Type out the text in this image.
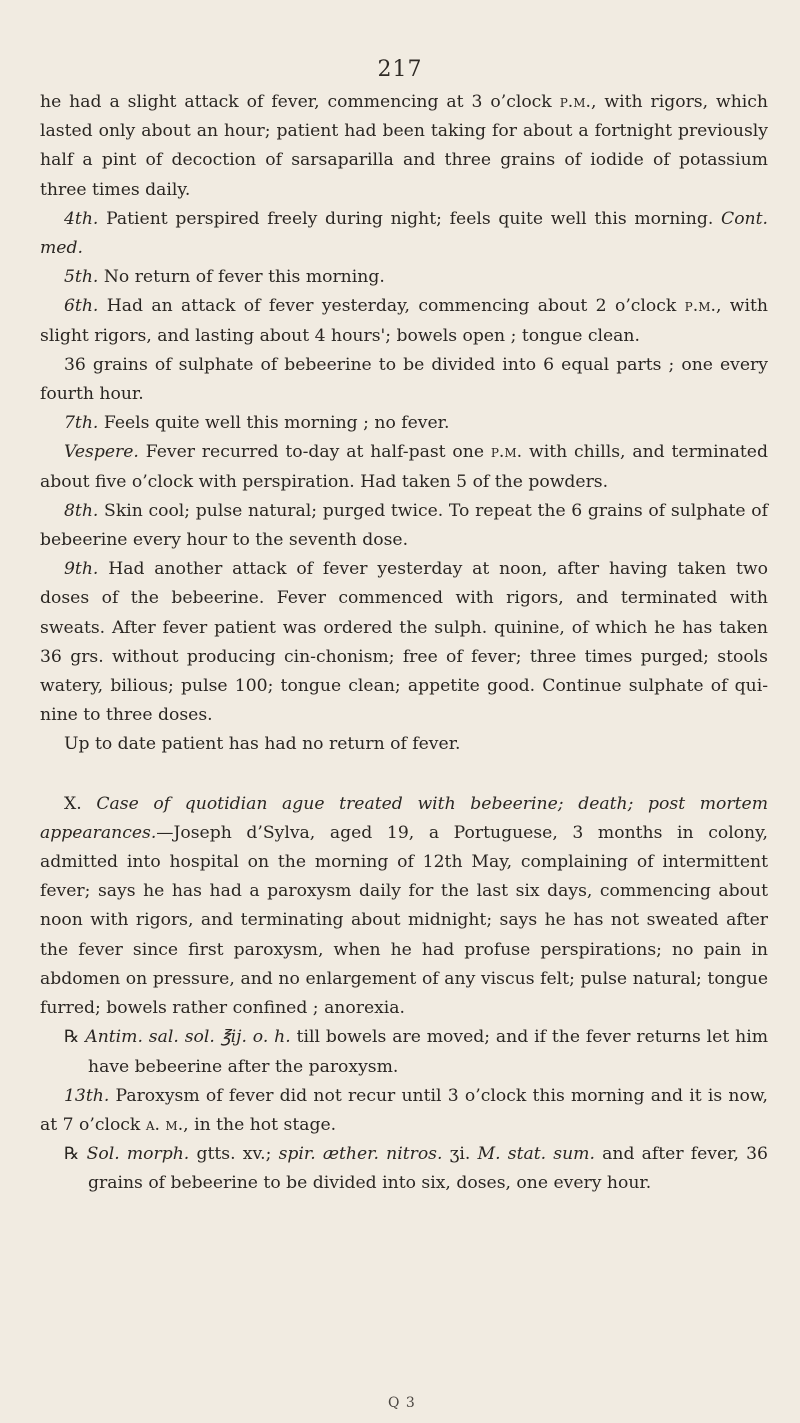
217

he had a slight attack of fever, commencing at 3 o’clock p.m., with rigors, which lasted only about an hour; patient had been taking for about a fortnight previously half a pint of decoction of sarsaparilla and three grains of iodide of potassium three times daily.

4th. Patient perspired freely during night; feels quite well this morning. Cont. med.

5th. No return of fever this morning.

6th. Had an attack of fever yesterday, commencing about 2 o’clock p.m., with slight rigors, and lasting about 4 hours'; bowels open ; tongue clean.

36 grains of sulphate of bebeerine to be divided into 6 equal parts ; one every fourth hour.

7th. Feels quite well this morning ; no fever.

Vespere. Fever recurred to-day at half-past one p.m. with chills, and terminated about five o’clock with perspiration. Had taken 5 of the powders.

8th. Skin cool; pulse natural; purged twice. To repeat the 6 grains of sulphate of bebeerine every hour to the seventh dose.

9th. Had another attack of fever yesterday at noon, after having taken two doses of the bebeerine. Fever commenced with rigors, and terminated with sweats. After fever patient was ordered the sulph. quinine, of which he has taken 36 grs. without producing cin-chonism; free of fever; three times purged; stools watery, bilious; pulse 100; tongue clean; appetite good. Continue sulphate of qui-nine to three doses.

Up to date patient has had no return of fever.

X. Case of quotidian ague treated with bebeerine; death; post mortem appearances.—Joseph d’Sylva, aged 19, a Portuguese, 3 months in colony, admitted into hospital on the morning of 12th May, complaining of intermittent fever; says he has had a paroxysm daily for the last six days, commencing about noon with rigors, and terminating about midnight; says he has not sweated after the fever since first paroxysm, when he had profuse perspirations; no pain in abdomen on pressure, and no enlargement of any viscus felt; pulse natural; tongue furred; bowels rather confined ; anorexia.

℞ Antim. sal. sol. ℥ij. o. h. till bowels are moved; and if the fever returns let him have bebeerine after the paroxysm.

13th. Paroxysm of fever did not recur until 3 o’clock this morning and it is now, at 7 o’clock a. m., in the hot stage.

℞ Sol. morph. gtts. xv.; spir. æther. nitros. ʒi. M. stat. sum. and after fever, 36 grains of bebeerine to be divided into six, doses, one every hour.

Q 3
